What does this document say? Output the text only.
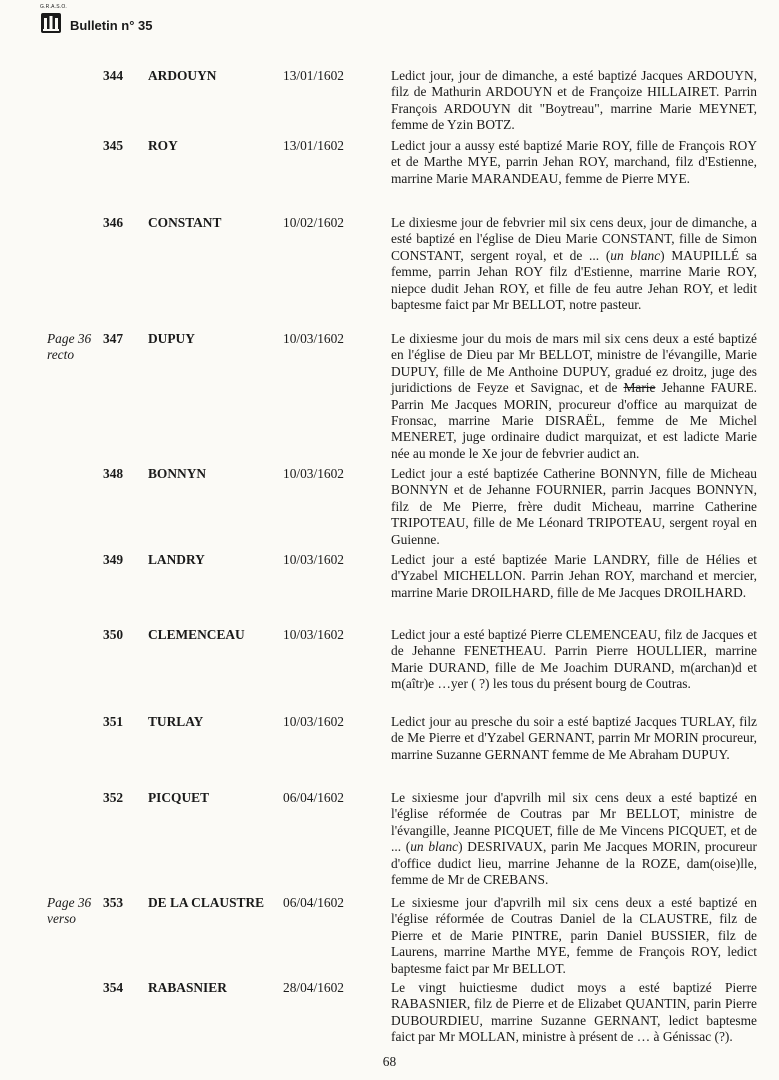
G.R.A.S.O.
Bulletin n° 35
344 ARDOUYN	13/01/1602	Ledict jour, jour de dimanche, a esté baptizé Jacques ARDOUYN, filz de Mathurin ARDOUYN et de Françoize HILLAIRET. Parrin François ARDOUYN dit "Boytreau", marrine Marie MEYNET, femme de Yzin BOTZ.

345 ROY	13/01/1602	Ledict jour a aussy esté baptizé Marie ROY, fille de François ROY et de Marthe MYE, parrin Jehan ROY, marchand, filz d'Estienne, marrine Marie MARANDEAU, femme de Pierre MYE.

346 CONSTANT	10/02/1602	Le dixiesme jour de febvrier mil six cens deux, jour de dimanche, a esté baptizé en l'église de Dieu Marie CONSTANT, fille de Simon CONSTANT, sergent royal, et de ... (un blanc) MAUPILLÉ sa femme, parrin Jehan ROY filz d'Estienne, marrine Marie ROY, niepce dudit Jehan ROY, et fille de feu autre Jehan ROY, et ledit baptesme faict par Mr BELLOT, notre pasteur.

Page 36
recto
347 DUPUY	10/03/1602	Le dixiesme jour du mois de mars mil six cens deux a esté baptizé en l'église de Dieu par Mr BELLOT, ministre de l'évangille, Marie DUPUY, fille de Me Anthoine DUPUY, gradué ez droitz, juge des juridictions de Feyze et Savignac, et de Marie Jehanne FAURE. Parrin Me Jacques MORIN, procureur d'office au marquizat de Fronsac, marrine Marie DISRAËL, femme de Me Michel MENERET, juge ordinaire dudict marquizat, et est ladicte Marie née au monde le Xe jour de febvrier audict an.

348 BONNYN	10/03/1602	Ledict jour a esté baptizée Catherine BONNYN, fille de Micheau BONNYN et de Jehanne FOURNIER, parrin Jacques BONNYN, filz de Me Pierre, frère dudit Micheau, marrine Catherine TRIPOTEAU, fille de Me Léonard TRIPOTEAU, sergent royal en Guienne.

349 LANDRY	10/03/1602	Ledict jour a esté baptizée Marie LANDRY, fille de Hélies et d'Yzabel MICHELLON. Parrin Jehan ROY, marchand et mercier, marrine Marie DROILHARD, fille de Me Jacques DROILHARD.

350 CLEMENCEAU	10/03/1602	Ledict jour a esté baptizé Pierre CLEMENCEAU, filz de Jacques et de Jehanne FENETHEAU. Parrin Pierre HOULLIER, marrine Marie DURAND, fille de Me Joachim DURAND, m(archan)d et m(aîtr)e …yer ( ?) les tous du présent bourg de Coutras.

351 TURLAY	10/03/1602	Ledict jour au presche du soir a esté baptizé Jacques TURLAY, filz de Me Pierre et d'Yzabel GERNANT, parrin Mr MORIN procureur, marrine Suzanne GERNANT femme de Me Abraham DUPUY.

352 PICQUET	06/04/1602	Le sixiesme jour d'apvrilh mil six cens deux a esté baptizé en l'église réformée de Coutras par Mr BELLOT, ministre de l'évangille, Jeanne PICQUET, fille de Me Vincens PICQUET, et de ... (un blanc) DESRIVAUX, parin Me Jacques MORIN, procureur d'office dudict lieu, marrine Jehanne de la ROZE, dam(oise)lle, femme de Mr de CREBANS.

Page 36
verso
353 DE LA CLAUSTRE 06/04/1602	Le sixiesme jour d'apvrilh mil six cens deux a esté baptizé en l'église réformée de Coutras Daniel de la CLAUSTRE, filz de Pierre et de Marie PINTRE, parin Daniel BUSSIER, filz de Laurens, marrine Marthe MYE, femme de François ROY, ledict baptesme faict par Mr BELLOT.

354 RABASNIER	28/04/1602	Le vingt huictiesme dudict moys a esté baptizé Pierre RABASNIER, filz de Pierre et de Elizabet QUANTIN, parin Pierre DUBOURDIEU, marrine Suzanne GERNANT, ledict baptesme faict par Mr MOLLAN, ministre à présent de … à Génissac (?).

68
